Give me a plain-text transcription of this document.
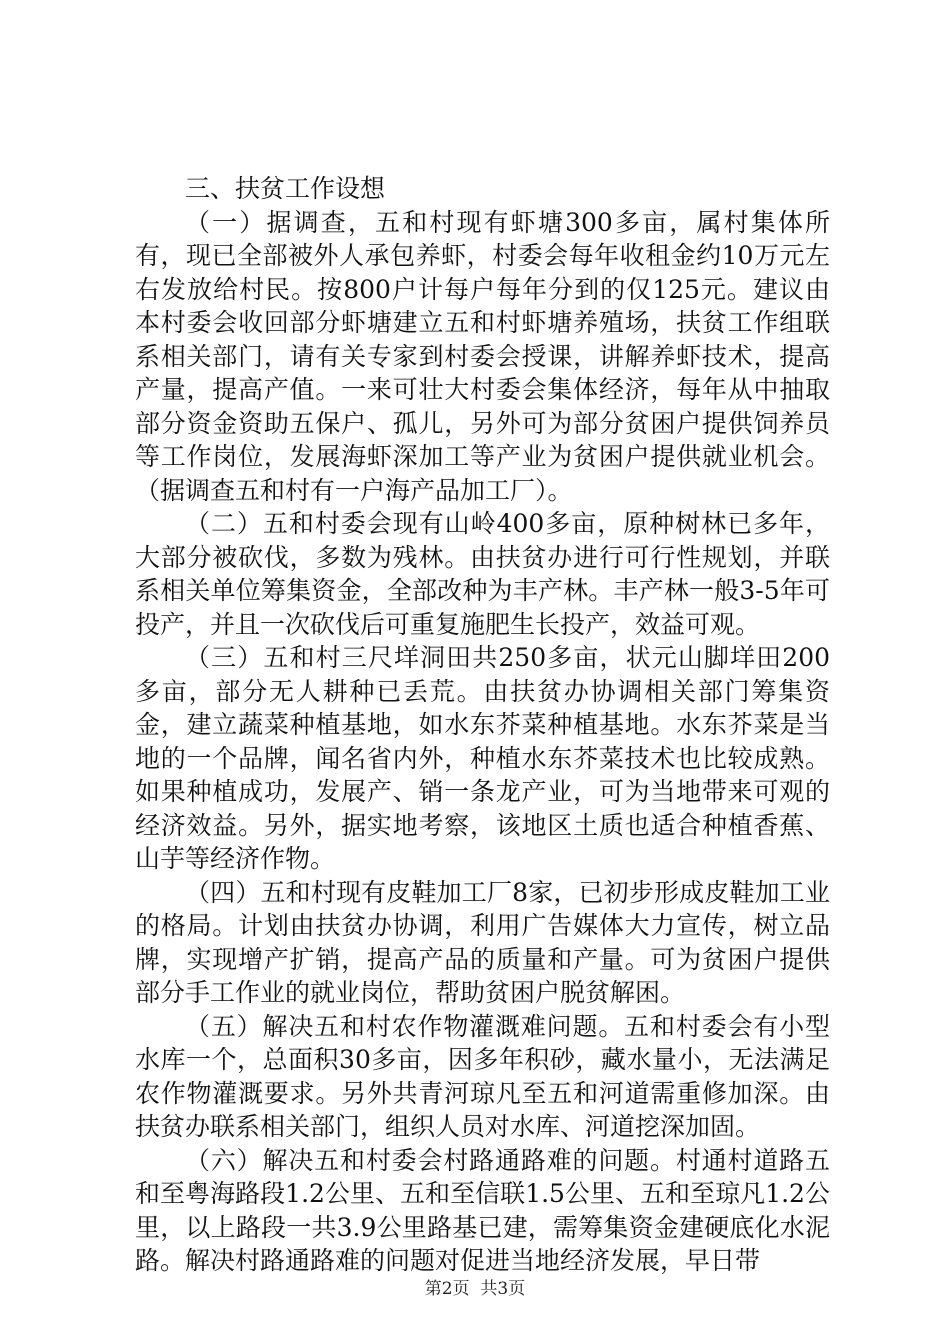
三、扶贫工作设想

（一）据调查，五和村现有虾塘300多亩，属村集体所有，现已全部被外人承包养虾，村委会每年收租金约10万元左右发放给村民。按800户计每户每年分到的仅125元。建议由本村委会收回部分虾塘建立五和村虾塘养殖场，扶贫工作组联系相关部门，请有关专家到村委会授课，讲解养虾技术，提高产量，提高产值。一来可壮大村委会集体经济，每年从中抽取部分资金资助五保户、孤儿，另外可为部分贫困户提供饲养员等工作岗位，发展海虾深加工等产业为贫困户提供就业机会。（据调查五和村有一户海产品加工厂）。

（二）五和村委会现有山岭400多亩，原种树林已多年，大部分被砍伐，多数为残林。由扶贫办进行可行性规划，并联系相关单位筹集资金，全部改种为丰产林。丰产林一般3-5年可投产，并且一次砍伐后可重复施肥生长投产，效益可观。

（三）五和村三尺垟洞田共250多亩，状元山脚垟田200多亩，部分无人耕种已丢荒。由扶贫办协调相关部门筹集资金，建立蔬菜种植基地，如水东芥菜种植基地。水东芥菜是当地的一个品牌，闻名省内外，种植水东芥菜技术也比较成熟。如果种植成功，发展产、销一条龙产业，可为当地带来可观的经济效益。另外，据实地考察，该地区土质也适合种植香蕉、山芋等经济作物。

（四）五和村现有皮鞋加工厂8家，已初步形成皮鞋加工业的格局。计划由扶贫办协调，利用广告媒体大力宣传，树立品牌，实现增产扩销，提高产品的质量和产量。可为贫困户提供部分手工作业的就业岗位，帮助贫困户脱贫解困。

（五）解决五和村农作物灌溉难问题。五和村委会有小型水库一个，总面积30多亩，因多年积砂，藏水量小，无法满足农作物灌溉要求。另外共青河琼凡至五和河道需重修加深。由扶贫办联系相关部门，组织人员对水库、河道挖深加固。

（六）解决五和村委会村路通路难的问题。村通村道路五和至粤海路段1.2公里、五和至信联1.5公里、五和至琼凡1.2公里，以上路段一共3.9公里路基已建，需筹集资金建硬底化水泥路。解决村路通路难的问题对促进当地经济发展，早日带

第2页  共3页
